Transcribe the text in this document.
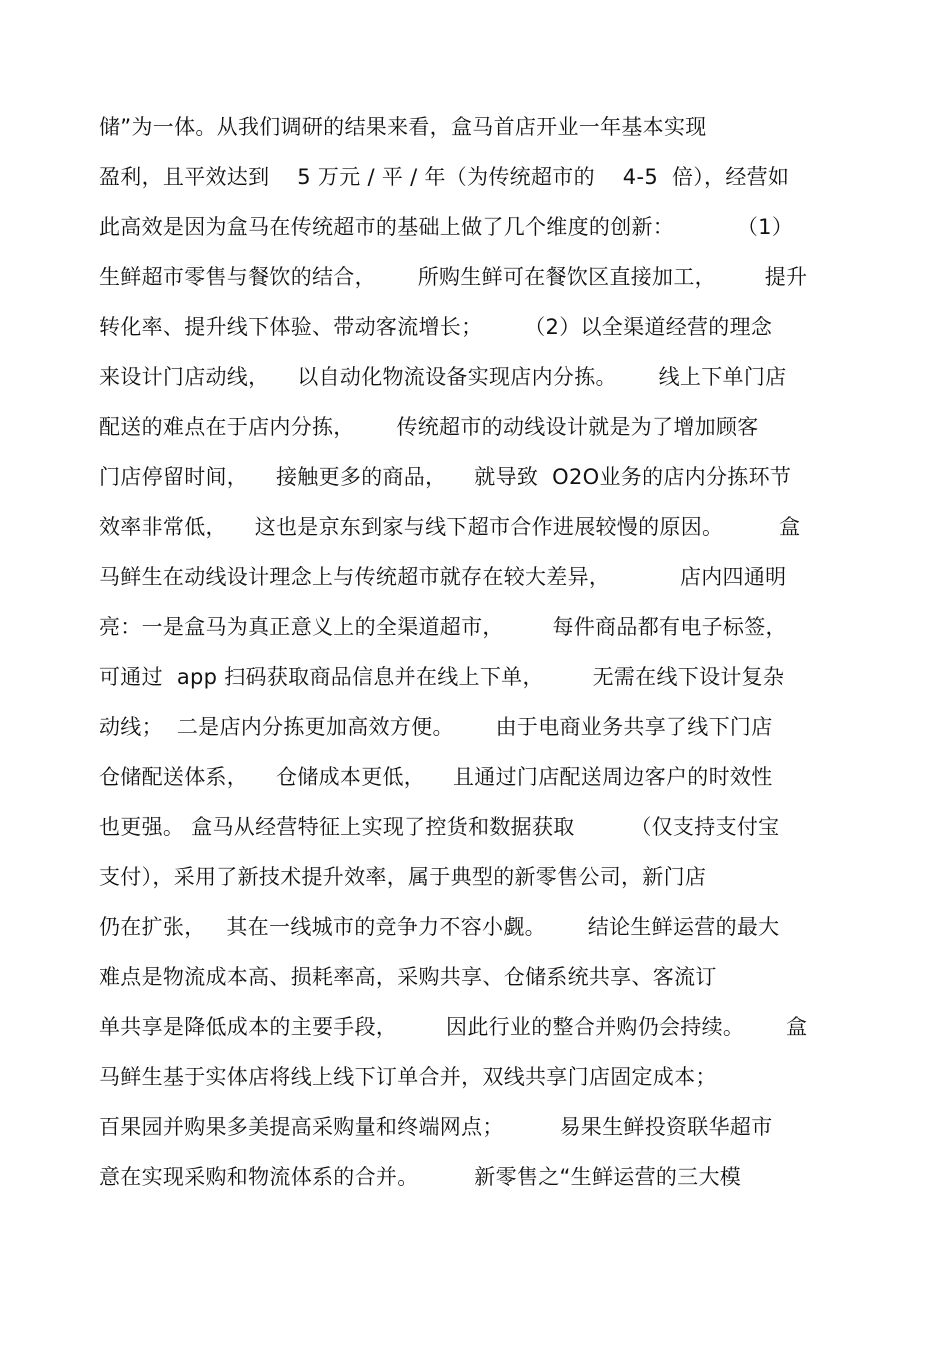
储”为一体。从我们调研的结果来看，盒马首店开业一年基本实现
盈利，且平效达到    5 万元 / 平 / 年（为传统超市的    4-5  倍），经营如
此高效是因为盒马在传统超市的基础上做了几个维度的创新：         （1）
生鲜超市零售与餐饮的结合，      所购生鲜可在餐饮区直接加工，       提升
转化率、提升线下体验、带动客流增长；      （2）以全渠道经营的理念
来设计门店动线，    以自动化物流设备实现店内分拣。      线上下单门店
配送的难点在于店内分拣，      传统超市的动线设计就是为了增加顾客
门店停留时间，    接触更多的商品，    就导致  O2O业务的店内分拣环节
效率非常低，    这也是京东到家与线下超市合作进展较慢的原因。        盒
马鲜生在动线设计理念上与传统超市就存在较大差异，          店内四通明
亮：一是盒马为真正意义上的全渠道超市，       每件商品都有电子标签，
可通过  app 扫码获取商品信息并在线上下单，       无需在线下设计复杂
动线；  二是店内分拣更加高效方便。      由于电商业务共享了线下门店
仓储配送体系，    仓储成本更低，    且通过门店配送周边客户的时效性
也更强。 盒马从经营特征上实现了控货和数据获取        （仅支持支付宝
支付），采用了新技术提升效率，属于典型的新零售公司，新门店
仍在扩张，   其在一线城市的竞争力不容小觑。      结论生鲜运营的最大
难点是物流成本高、损耗率高，采购共享、仓储系统共享、客流订
单共享是降低成本的主要手段，       因此行业的整合并购仍会持续。      盒
马鲜生基于实体店将线上线下订单合并，双线共享门店固定成本；
百果园并购果多美提高采购量和终端网点；        易果生鲜投资联华超市
意在实现采购和物流体系的合并。        新零售之“生鲜运营的三大模
